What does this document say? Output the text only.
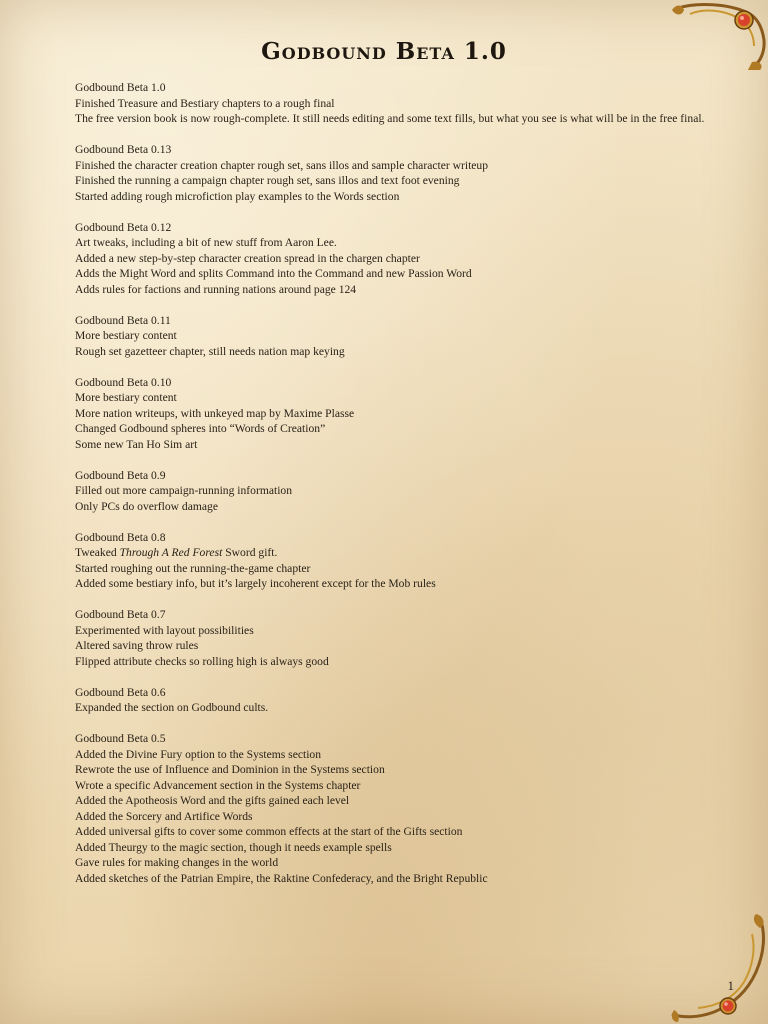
Godbound Beta 1.0

Godbound Beta 1.0

Finished Treasure and Bestiary chapters to a rough final

The free version book is now rough-complete. It still needs editing and some text fills, but what you see is what will be in the free final.

Godbound Beta 0.13

Finished the character creation chapter rough set, sans illos and sample character writeup

Finished the running a campaign chapter rough set, sans illos and text foot evening

Started adding rough microfiction play examples to the Words section

Godbound Beta 0.12

Art tweaks, including a bit of new stuff from Aaron Lee.

Added a new step-by-step character creation spread in the chargen chapter

Adds the Might Word and splits Command into the Command and new Passion Word

Adds rules for factions and running nations around page 124

Godbound Beta 0.11

More bestiary content

Rough set gazetteer chapter, still needs nation map keying

Godbound Beta 0.10

More bestiary content

More nation writeups, with unkeyed map by Maxime Plasse

Changed Godbound spheres into “Words of Creation”

Some new Tan Ho Sim art

Godbound Beta 0.9

Filled out more campaign-running information

Only PCs do overflow damage

Godbound Beta 0.8

Tweaked Through A Red Forest Sword gift.

Started roughing out the running-the-game chapter

Added some bestiary info, but it’s largely incoherent except for the Mob rules

Godbound Beta 0.7

Experimented with layout possibilities

Altered saving throw rules

Flipped attribute checks so rolling high is always good

Godbound Beta 0.6

Expanded the section on Godbound cults.

Godbound Beta 0.5

Added the Divine Fury option to the Systems section

Rewrote the use of Influence and Dominion in the Systems section

Wrote a specific Advancement section in the Systems chapter

Added the Apotheosis Word and the gifts gained each level

Added the Sorcery and Artifice Words

Added universal gifts to cover some common effects at the start of the Gifts section

Added Theurgy to the magic section, though it needs example spells

Gave rules for making changes in the world

Added sketches of the Patrian Empire, the Raktine Confederacy, and the Bright Republic

1
